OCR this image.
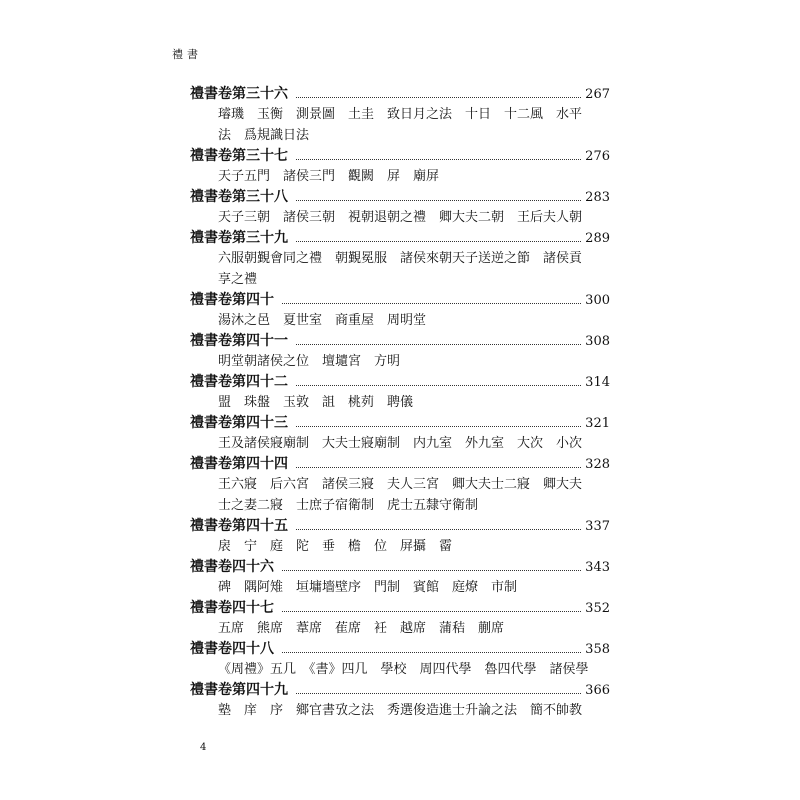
禮書
禮書卷第三十六	267
璿璣　玉衡　測景圖　土圭　致日月之法　十日　十二風　水平
法　爲規識日法
禮書卷第三十七	276
天子五門　諸侯三門　觀闕　屏　廟屏
禮書卷第三十八	283
天子三朝　諸侯三朝　視朝退朝之禮　卿大夫二朝　王后夫人朝
禮書卷第三十九	289
六服朝覲會同之禮　朝覲冕服　諸侯來朝天子送逆之節　諸侯貢
享之禮
禮書卷第四十	300
湯沐之邑　夏世室　商重屋　周明堂
禮書卷第四十一	308
明堂朝諸侯之位　壇壝宮　方明
禮書卷第四十二	314
盟　珠盤　玉敦　詛　桃茢　聘儀
禮書卷第四十三	321
王及諸侯寢廟制　大夫士寢廟制　内九室　外九室　大次　小次
禮書卷第四十四	328
王六寢　后六宮　諸侯三寢　夫人三宮　卿大夫士二寢　卿大夫
士之妻二寢　士庶子宿衛制　虎士五隸守衛制
禮書卷第四十五	337
扆　宁　庭　陀　垂　檐　位　屏攝　霤
禮書卷四十六	343
碑　隅阿雉　垣墉墻壁序　門制　賓館　庭燎　市制
禮書卷四十七	352
五席　熊席　葦席　萑席　衽　越席　蒲秸　蒯席
禮書卷四十八	358
《周禮》五几　《書》四几　學校　周四代學　魯四代學　諸侯學
禮書卷第四十九	366
塾　庠　序　鄉官書攷之法　秀選俊造進士升論之法　簡不帥教
4
